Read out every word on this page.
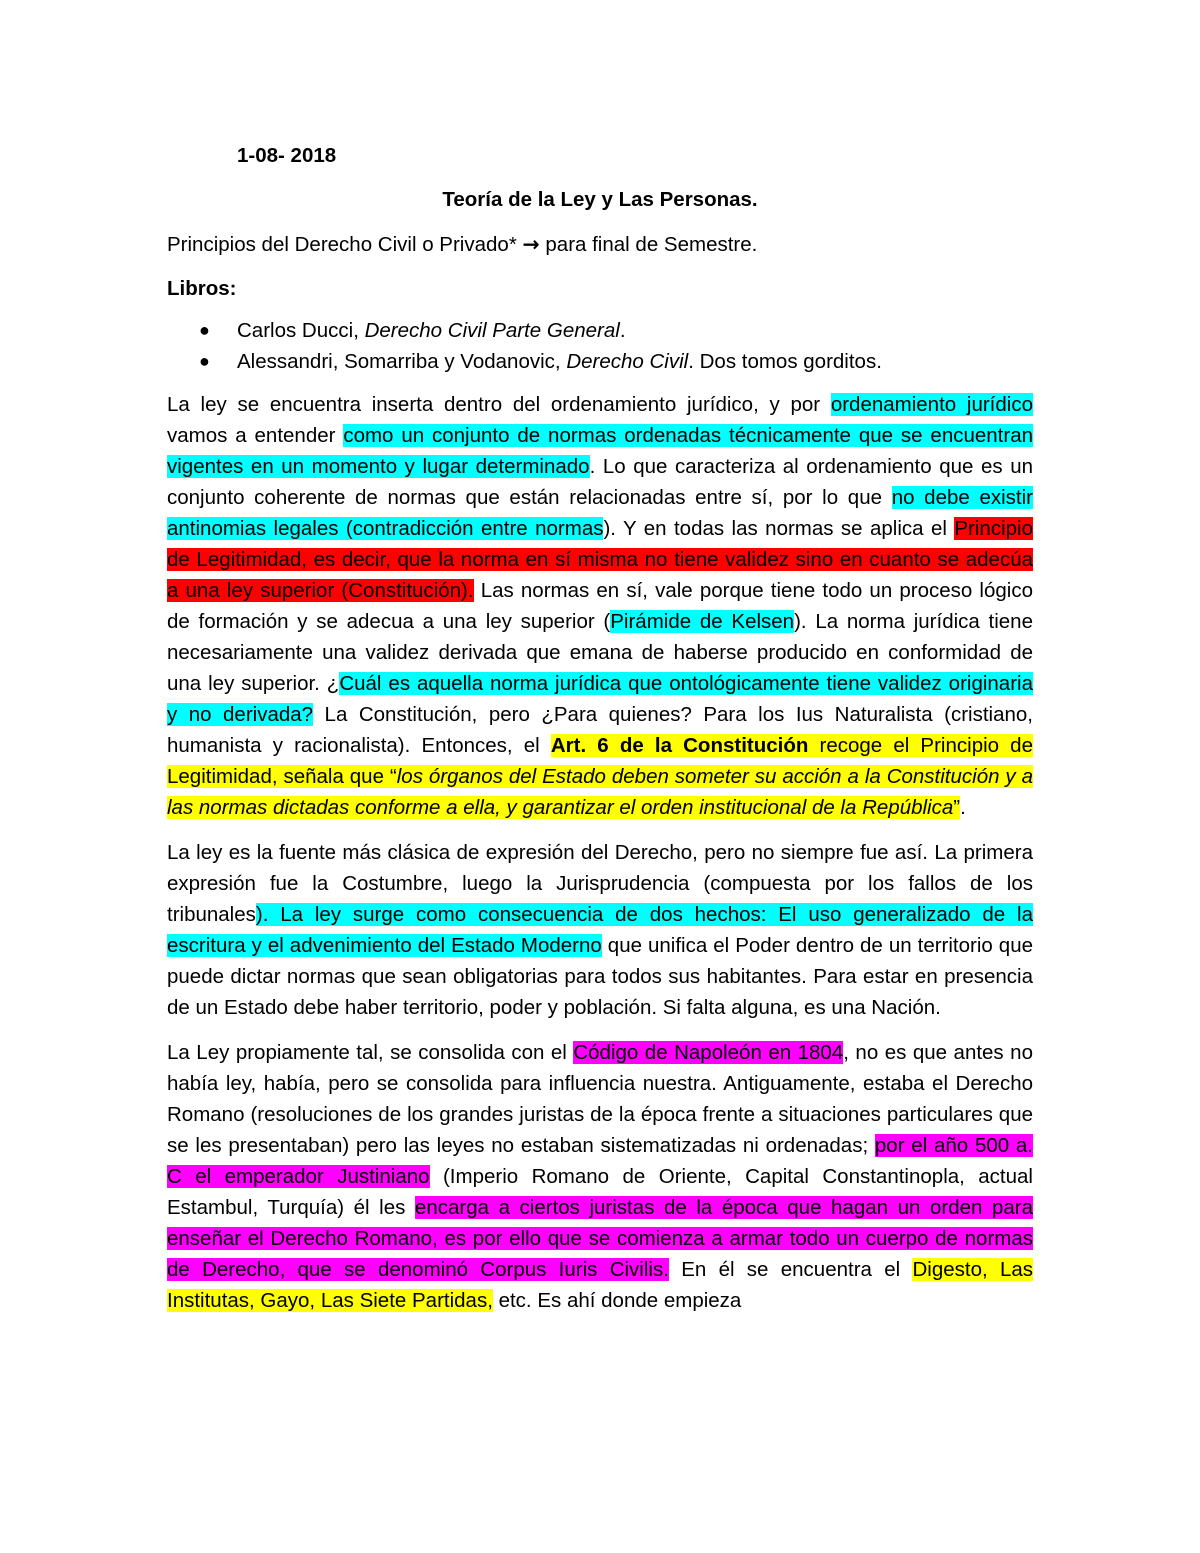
1-08- 2018
Teoría de la Ley y Las Personas.
Principios del Derecho Civil o Privado* → para final de Semestre.
Libros:
● Carlos Ducci, Derecho Civil Parte General.
● Alessandri, Somarriba y Vodanovic, Derecho Civil. Dos tomos gorditos.

La ley se encuentra inserta dentro del ordenamiento jurídico, y por ordenamiento jurídico vamos a entender como un conjunto de normas ordenadas técnicamente que se encuentran vigentes en un momento y lugar determinado. Lo que caracteriza al ordenamiento que es un conjunto coherente de normas que están relacionadas entre sí, por lo que no debe existir antinomias legales (contradicción entre normas). Y en todas las normas se aplica el Principio de Legitimidad, es decir, que la norma en sí misma no tiene validez sino en cuanto se adecúa a una ley superior (Constitución). Las normas en sí, vale porque tiene todo un proceso lógico de formación y se adecua a una ley superior (Pirámide de Kelsen). La norma jurídica tiene necesariamente una validez derivada que emana de haberse producido en conformidad de una ley superior. ¿Cuál es aquella norma jurídica que ontológicamente tiene validez originaria y no derivada? La Constitución, pero ¿Para quienes? Para los Ius Naturalista (cristiano, humanista y racionalista). Entonces, el Art. 6 de la Constitución recoge el Principio de Legitimidad, señala que “los órganos del Estado deben someter su acción a la Constitución y a las normas dictadas conforme a ella, y garantizar el orden institucional de la República”.

La ley es la fuente más clásica de expresión del Derecho, pero no siempre fue así. La primera expresión fue la Costumbre, luego la Jurisprudencia (compuesta por los fallos de los tribunales). La ley surge como consecuencia de dos hechos: El uso generalizado de la escritura y el advenimiento del Estado Moderno que unifica el Poder dentro de un territorio que puede dictar normas que sean obligatorias para todos sus habitantes. Para estar en presencia de un Estado debe haber territorio, poder y población. Si falta alguna, es una Nación.

La Ley propiamente tal, se consolida con el Código de Napoleón en 1804, no es que antes no había ley, había, pero se consolida para influencia nuestra. Antiguamente, estaba el Derecho Romano (resoluciones de los grandes juristas de la época frente a situaciones particulares que se les presentaban) pero las leyes no estaban sistematizadas ni ordenadas; por el año 500 a. C el emperador Justiniano (Imperio Romano de Oriente, Capital Constantinopla, actual Estambul, Turquía) él les encarga a ciertos juristas de la época que hagan un orden para enseñar el Derecho Romano, es por ello que se comienza a armar todo un cuerpo de normas de Derecho, que se denominó Corpus Iuris Civilis. En él se encuentra el Digesto, Las Institutas, Gayo, Las Siete Partidas, etc. Es ahí donde empieza
